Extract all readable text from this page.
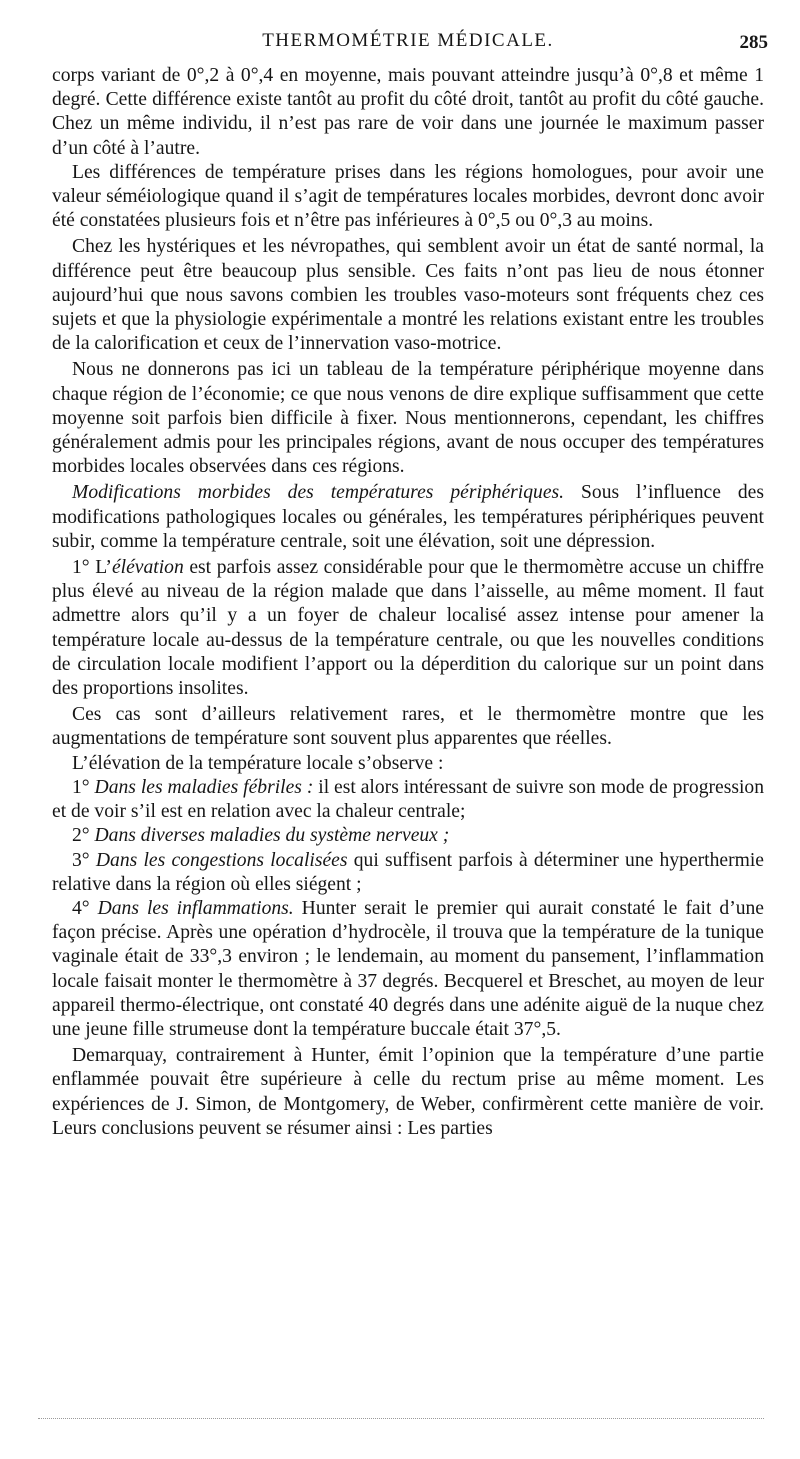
THERMOMÉTRIE MÉDICALE.	285

corps variant de 0°,2 à 0°,4 en moyenne, mais pouvant atteindre jusqu’à 0°,8 et même 1 degré. Cette différence existe tantôt au profit du côté droit, tantôt au profit du côté gauche. Chez un même individu, il n’est pas rare de voir dans une journée le maximum passer d’un côté à l’autre.

Les différences de température prises dans les régions homologues, pour avoir une valeur séméiologique quand il s’agit de températures locales morbides, devront donc avoir été constatées plusieurs fois et n’être pas inférieures à 0°,5 ou 0°,3 au moins.

Chez les hystériques et les névropathes, qui semblent avoir un état de santé normal, la différence peut être beaucoup plus sensible. Ces faits n’ont pas lieu de nous étonner aujourd’hui que nous savons combien les troubles vaso-moteurs sont fréquents chez ces sujets et que la physiologie expérimentale a montré les relations existant entre les troubles de la calorification et ceux de l’innervation vaso-motrice.

Nous ne donnerons pas ici un tableau de la température périphérique moyenne dans chaque région de l’économie; ce que nous venons de dire explique suffisamment que cette moyenne soit parfois bien difficile à fixer. Nous mentionnerons, cependant, les chiffres généralement admis pour les principales régions, avant de nous occuper des températures morbides locales observées dans ces régions.

Modifications morbides des températures périphériques. Sous l’influence des modifications pathologiques locales ou générales, les températures périphériques peuvent subir, comme la température centrale, soit une élévation, soit une dépression.

1° L’élévation est parfois assez considérable pour que le thermomètre accuse un chiffre plus élevé au niveau de la région malade que dans l’aisselle, au même moment. Il faut admettre alors qu’il y a un foyer de chaleur localisé assez intense pour amener la température locale au-dessus de la température centrale, ou que les nouvelles conditions de circulation locale modifient l’apport ou la déperdition du calorique sur un point dans des proportions insolites.

Ces cas sont d’ailleurs relativement rares, et le thermomètre montre que les augmentations de température sont souvent plus apparentes que réelles.

L’élévation de la température locale s’observe :

1° Dans les maladies fébriles : il est alors intéressant de suivre son mode de progression et de voir s’il est en relation avec la chaleur centrale;

2° Dans diverses maladies du système nerveux ;

3° Dans les congestions localisées qui suffisent parfois à déterminer une hyperthermie relative dans la région où elles siégent ;

4° Dans les inflammations. Hunter serait le premier qui aurait constaté le fait d’une façon précise. Après une opération d’hydrocèle, il trouva que la température de la tunique vaginale était de 33°,3 environ ; le lendemain, au moment du pansement, l’inflammation locale faisait monter le thermomètre à 37 degrés. Becquerel et Breschet, au moyen de leur appareil thermo-électrique, ont constaté 40 degrés dans une adénite aiguë de la nuque chez une jeune fille strumeuse dont la température buccale était 37°,5.

Demarquay, contrairement à Hunter, émit l’opinion que la température d’une partie enflammée pouvait être supérieure à celle du rectum prise au même moment. Les expériences de J. Simon, de Montgomery, de Weber, confirmèrent cette manière de voir. Leurs conclusions peuvent se résumer ainsi : Les parties
